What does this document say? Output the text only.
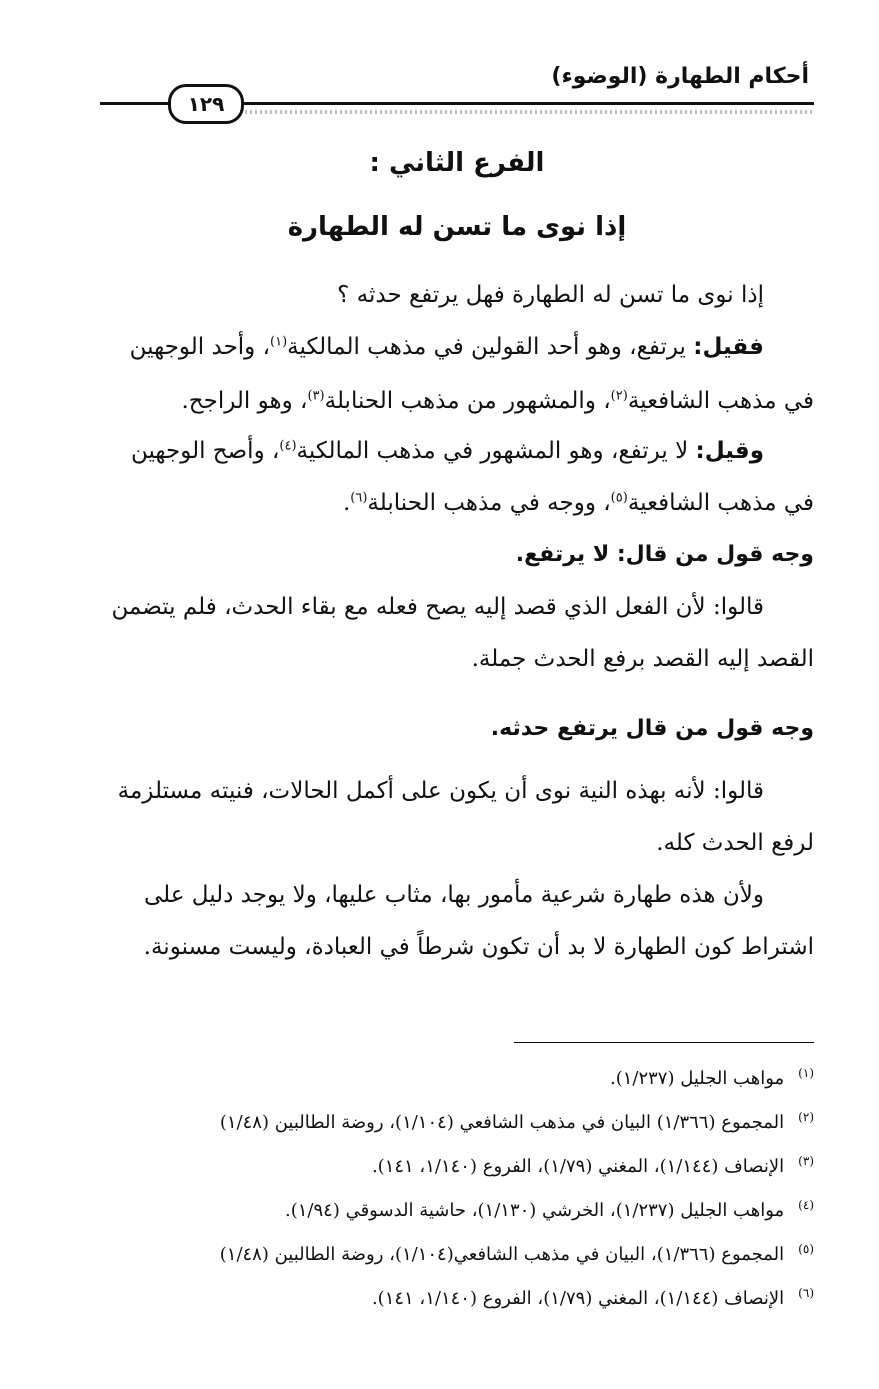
أحكام الطهارة (الوضوء)
١٢٩
الفرع الثاني :
إذا نوى ما تسن له الطهارة
إذا نوى ما تسن له الطهارة فهل يرتفع حدثه ؟
فقيل: يرتفع، وهو أحد القولين في مذهب المالكية$^{(١)}$، وأحد الوجهين
في مذهب الشافعية$^{(٢)}$، والمشهور من مذهب الحنابلة$^{(٣)}$، وهو الراجح.
وقيل: لا يرتفع، وهو المشهور في مذهب المالكية$^{(٤)}$، وأصح الوجهين
في مذهب الشافعية$^{(٥)}$، ووجه في مذهب الحنابلة$^{(٦)}$.
وجه قول من قال: لا يرتفع.
قالوا: لأن الفعل الذي قصد إليه يصح فعله مع بقاء الحدث، فلم يتضمن
القصد إليه القصد برفع الحدث جملة.
وجه قول من قال يرتفع حدثه.
قالوا: لأنه بهذه النية نوى أن يكون على أكمل الحالات، فنيته مستلزمة
لرفع الحدث كله.
ولأن هذه طهارة شرعية مأمور بها، مثاب عليها، ولا يوجد دليل على
اشتراط كون الطهارة لا بد أن تكون شرطاً في العبادة، وليست مسنونة.
$^{(١)}$مواهب الجليل (١/٢٣٧).
$^{(٢)}$المجموع (١/٣٦٦) البيان في مذهب الشافعي (١/١٠٤)، روضة الطالبين (١/٤٨)
$^{(٣)}$الإنصاف (١/١٤٤)، المغني (١/٧٩)، الفروع (١/١٤٠، ١٤١).
$^{(٤)}$مواهب الجليل (١/٢٣٧)، الخرشي (١/١٣٠)، حاشية الدسوقي (١/٩٤).
$^{(٥)}$المجموع (١/٣٦٦)، البيان في مذهب الشافعي(١/١٠٤)، روضة الطالبين (١/٤٨)
$^{(٦)}$الإنصاف (١/١٤٤)، المغني (١/٧٩)، الفروع (١/١٤٠، ١٤١).
